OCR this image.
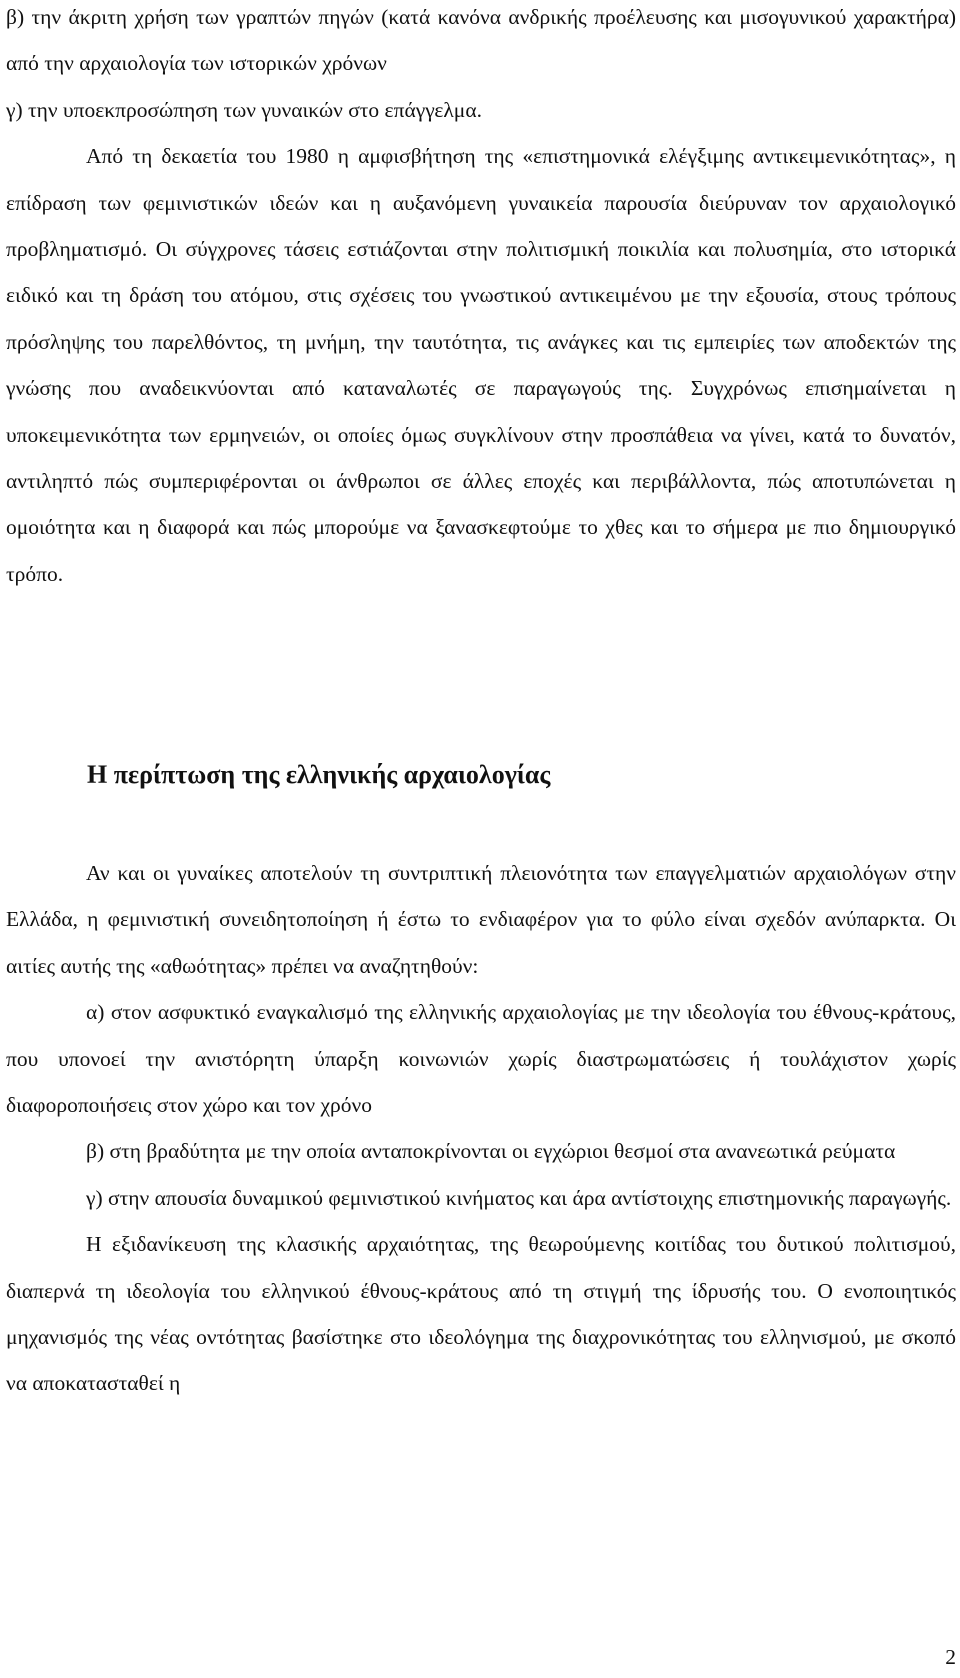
β) την άκριτη χρήση των γραπτών πηγών (κατά κανόνα ανδρικής προέλευσης και μισογυνικού χαρακτήρα) από την αρχαιολογία των ιστορικών χρόνων

γ) την υποεκπροσώπηση των γυναικών στο επάγγελμα.

Από τη δεκαετία του 1980 η αμφισβήτηση της «επιστημονικά ελέγξιμης αντικειμενικότητας», η επίδραση των φεμινιστικών ιδεών και η αυξανόμενη γυναικεία παρουσία διεύρυναν τον αρχαιολογικό προβληματισμό. Οι σύγχρονες τάσεις εστιάζονται στην πολιτισμική ποικιλία και πολυσημία, στο ιστορικά ειδικό και τη δράση του ατόμου, στις σχέσεις του γνωστικού αντικειμένου με την εξουσία, στους τρόπους πρόσληψης του παρελθόντος, τη μνήμη, την ταυτότητα, τις ανάγκες και τις εμπειρίες των αποδεκτών της γνώσης που αναδεικνύονται από καταναλωτές σε παραγωγούς της. Συγχρόνως επισημαίνεται η υποκειμενικότητα των ερμηνειών, οι οποίες όμως συγκλίνουν στην προσπάθεια να γίνει, κατά το δυνατόν, αντιληπτό πώς συμπεριφέρονται οι άνθρωποι σε άλλες εποχές και περιβάλλοντα, πώς αποτυπώνεται η ομοιότητα και η διαφορά και πώς μπορούμε να ξανασκεφτούμε το χθες και το σήμερα με πιο δημιουργικό τρόπο.

Η περίπτωση της ελληνικής αρχαιολογίας

Αν και οι γυναίκες αποτελούν τη συντριπτική πλειονότητα των επαγγελματιών αρχαιολόγων στην Ελλάδα, η φεμινιστική συνειδητοποίηση ή έστω το ενδιαφέρον για το φύλο είναι σχεδόν ανύπαρκτα. Οι αιτίες αυτής της «αθωότητας» πρέπει να αναζητηθούν:

α) στον ασφυκτικό εναγκαλισμό της ελληνικής αρχαιολογίας με την ιδεολογία του έθνους-κράτους, που υπονοεί την ανιστόρητη ύπαρξη κοινωνιών χωρίς διαστρωματώσεις ή τουλάχιστον χωρίς διαφοροποιήσεις στον χώρο και τον χρόνο

β) στη βραδύτητα με την οποία ανταποκρίνονται οι εγχώριοι θεσμοί στα ανανεωτικά ρεύματα

γ) στην απουσία δυναμικού φεμινιστικού κινήματος και άρα αντίστοιχης επιστημονικής παραγωγής.

Η εξιδανίκευση της κλασικής αρχαιότητας, της θεωρούμενης κοιτίδας του δυτικού πολιτισμού, διαπερνά τη ιδεολογία του ελληνικού έθνους-κράτους από τη στιγμή της ίδρυσής του. Ο ενοποιητικός μηχανισμός της νέας οντότητας βασίστηκε στο ιδεολόγημα της διαχρονικότητας του ελληνισμού, με σκοπό να αποκατασταθεί η

2
